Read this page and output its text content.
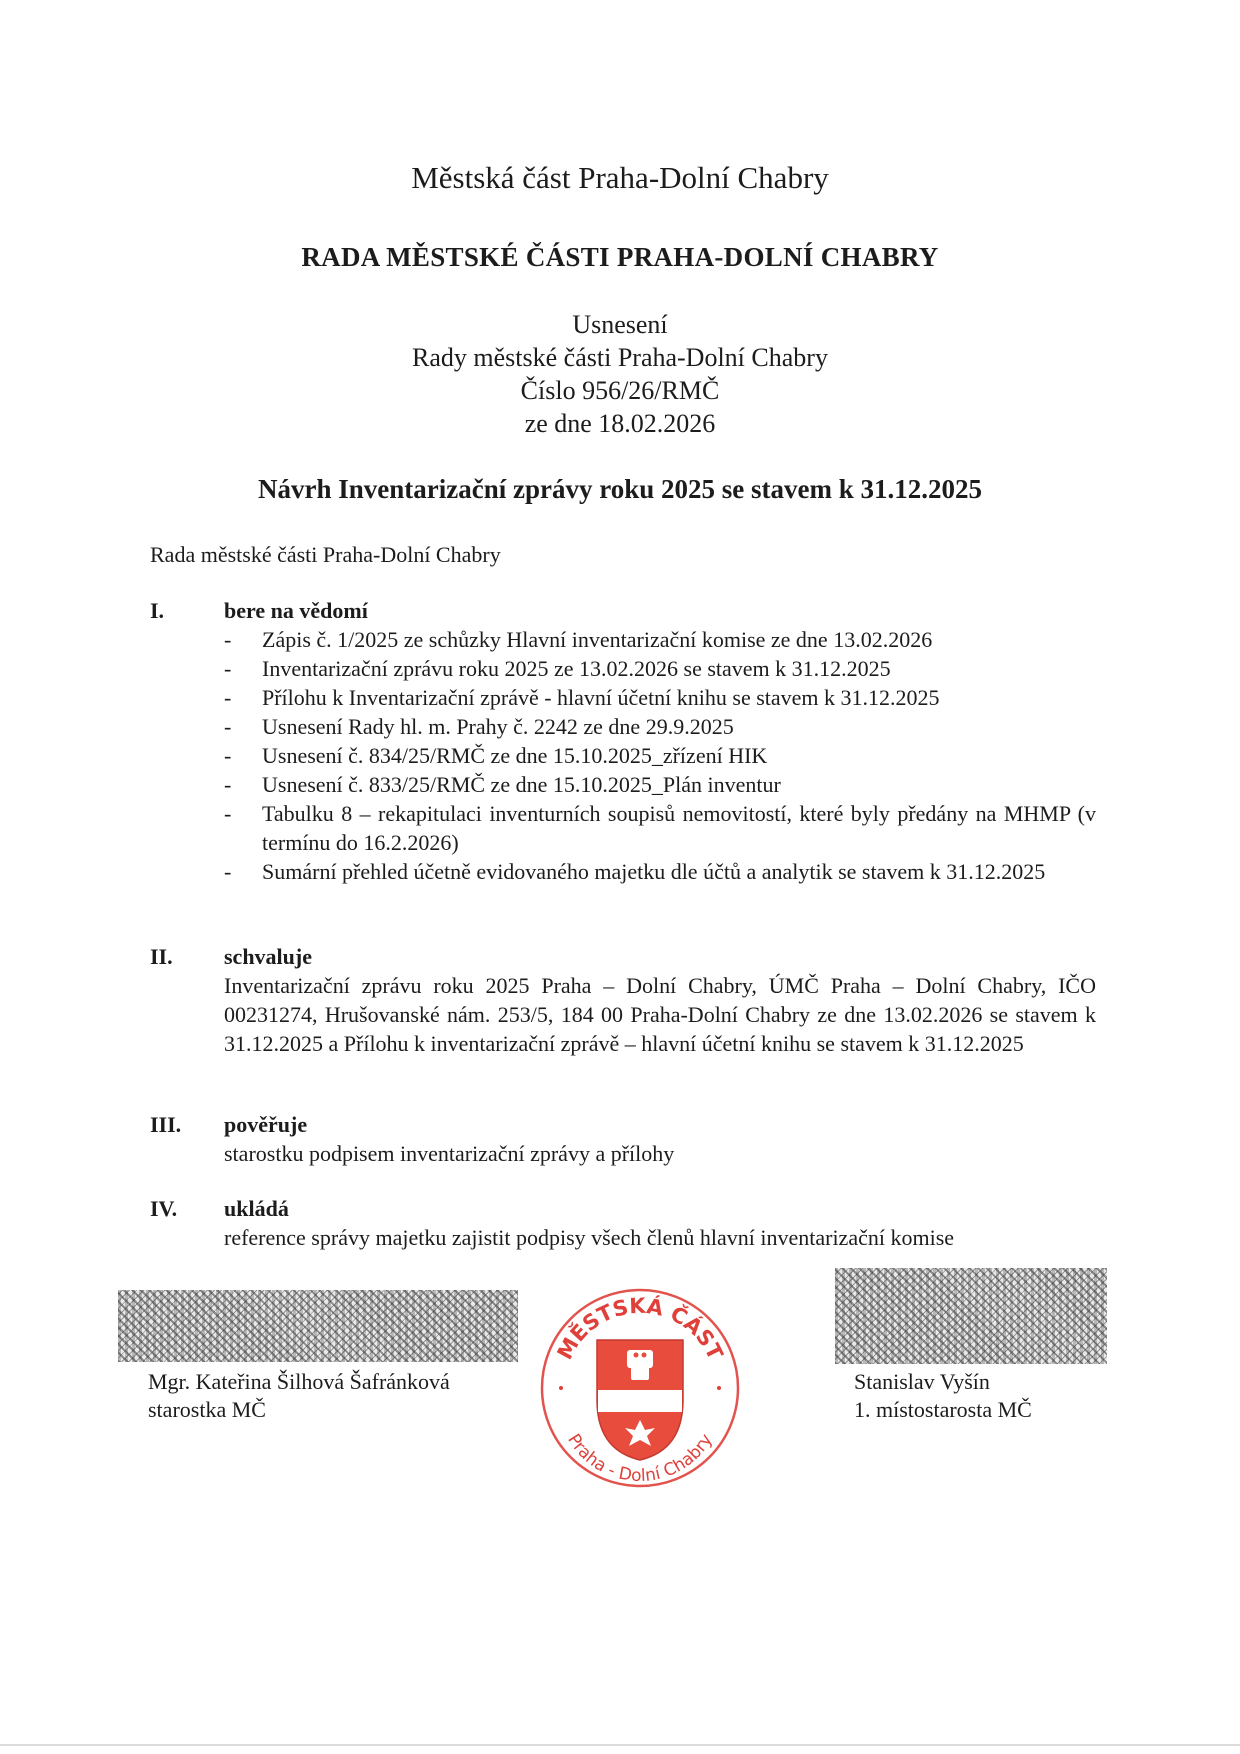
Městská část Praha-Dolní Chabry
RADA MĚSTSKÉ ČÁSTI PRAHA-DOLNÍ CHABRY
Usnesení
Rady městské části Praha-Dolní Chabry
Číslo 956/26/RMČ
ze dne 18.02.2026
Návrh Inventarizační zprávy roku 2025 se stavem k 31.12.2025
Rada městské části Praha-Dolní Chabry
I.	bere na vědomí
- Zápis č. 1/2025 ze schůzky Hlavní inventarizační komise ze dne 13.02.2026
- Inventarizační zprávu roku 2025 ze 13.02.2026 se stavem k 31.12.2025
- Přílohu k Inventarizační zprávě - hlavní účetní knihu se stavem k 31.12.2025
- Usnesení Rady hl. m. Prahy č. 2242 ze dne 29.9.2025
- Usnesení č. 834/25/RMČ ze dne 15.10.2025_zřízení HIK
- Usnesení č. 833/25/RMČ ze dne 15.10.2025_Plán inventur
- Tabulku 8 – rekapitulaci inventurních soupisů nemovitostí, které byly předány na MHMP (v termínu do 16.2.2026)
- Sumární přehled účetně evidovaného majetku dle účtů a analytik se stavem k 31.12.2025
II. schvaluje
Inventarizační zprávu roku 2025 Praha – Dolní Chabry, ÚMČ Praha – Dolní Chabry, IČO 00231274, Hrušovanské nám. 253/5, 184 00 Praha-Dolní Chabry ze dne 13.02.2026 se stavem k 31.12.2025 a Přílohu k inventarizační zprávě – hlavní účetní knihu se stavem k 31.12.2025
III. pověřuje
starostku podpisem inventarizační zprávy a přílohy
IV. ukládá
reference správy majetku zajistit podpisy všech členů hlavní inventarizační komise
Mgr. Kateřina Šilhová Šafránková
starostka MČ
MĚSTSKÁ ČÁST
Praha - Dolní Chabry
Stanislav Vyšín
1. místostarosta MČ
